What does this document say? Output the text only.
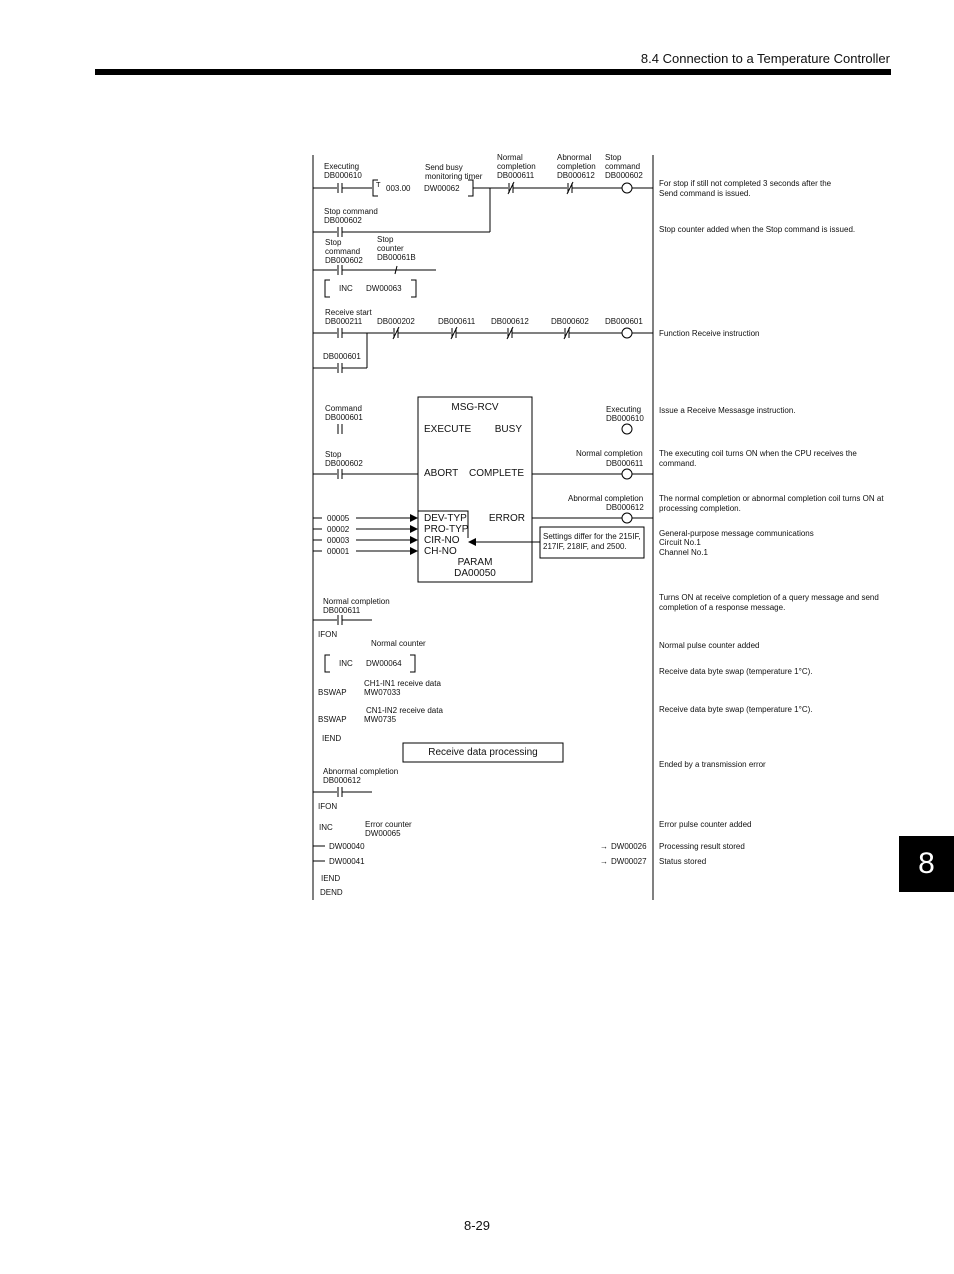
8.4 Connection to a Temperature Controller
8
8-29
Executing
DB000610
T 003.00
Send busy
monitoring timer
DW00062
Normal
completion
DB000611
Abnormal
completion
DB000612
Stop
command
DB000602
Stop command
DB000602
Stop
command
DB000602
Stop
counter
DB00061B
INC DW00063
Receive start
DB000211 DB000202	DB000611 DB000612	DB000602 DB000601
DB000601
MSG-RCV
EXECUTE BUSY
ABORT COMPLETE
DEV-TYP
PRO-TYP
CIR-NO
CH-NO
ERROR
PARAM
DA00050
Command
DB000601
Stop
DB000602
Executing
DB000610
Normal completion
DB000611
Abnormal completion
DB000612
00005
00002
00003
00001
Settings differ for the 215IF,
217IF, 218IF, and 2500.
Normal completion
DB000611
IFON
Normal counter
INC DW00064
CH1-IN1 receive data
BSWAP MW07033
CN1-IN2 receive data
BSWAP MW0735
IEND
Receive data processing
Abnormal completion
DB000612
IFON
INC	Error counter
DW00065
DW00040	→ DW00026
DW00041	→ DW00027
IEND
DEND
For stop if still not completed 3 seconds after the
Send command is issued.
Stop counter added when the Stop command is issued.
Function Receive instruction
Issue a Receive Messasge instruction.
The executing coil turns ON when the CPU receives the
command.
The normal completion or abnormal completion coil turns ON at
processing completion.
General-purpose message communications
Circuit No.1
Channel No.1
Turns ON at receive completion of a query message and send
completion of a response message.
Normal pulse counter added
Receive data byte swap (temperature 1°C).
Receive data byte swap (temperature 1°C).
Ended by a transmission error
Error pulse counter added
Processing result stored
Status stored
